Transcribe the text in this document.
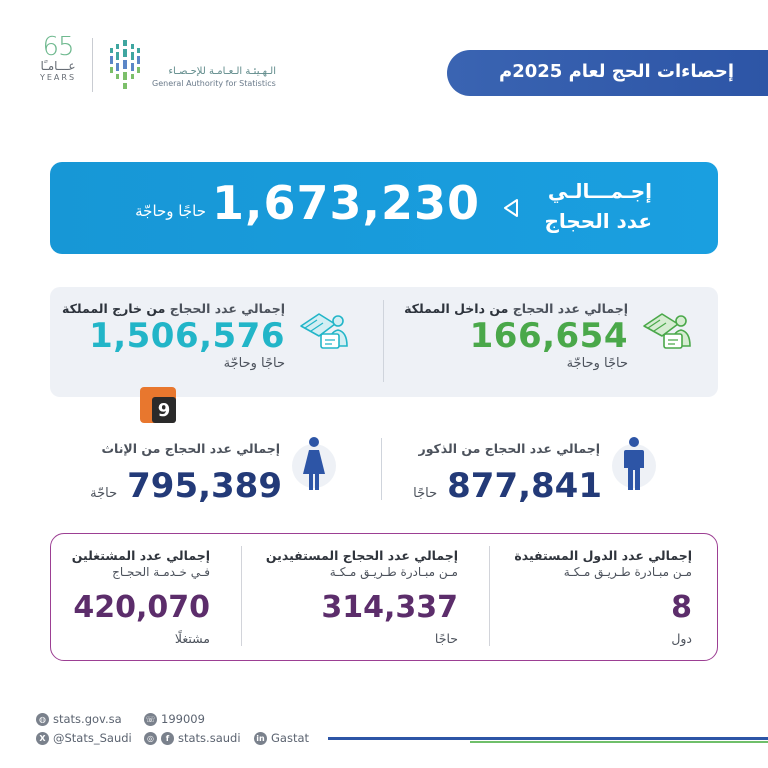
65
عـــامـًا
YEARS
الـهـيئـة الـعـامـة للإحـصـاء
General Authority for Statistics
إحصاءات الحج لعام 2025م
إجـمـــالـي
عدد الحجاج
1,673,230
حاجًا وحاجّة
إجمالي عدد الحجاج من داخل المملكة
166,654
حاجًا وحاجّة
إجمالي عدد الحجاج من خارج المملكة
1,506,576
حاجًا وحاجّة
9
إجمالي عدد الحجاج من الذكور
حاجًا 877,841
إجمالي عدد الحجاج من الإناث
حاجّة 795,389
إجمالي عدد الدول المستفيدة
مـن مبـادرة طـريـق مـكـة
8
دول
إجمالي عدد الحجاج المستفيدين
مـن مبـادرة طـريـق مـكـة
314,337
حاجًا
إجمالي عدد المشتغلين
فـي خـدمـة الحجـاج
420,070
مشتغلًا
◍ stats.gov.sa	☏ 199009
X @Stats_Saudi	◎	f stats.saudi in Gastat
